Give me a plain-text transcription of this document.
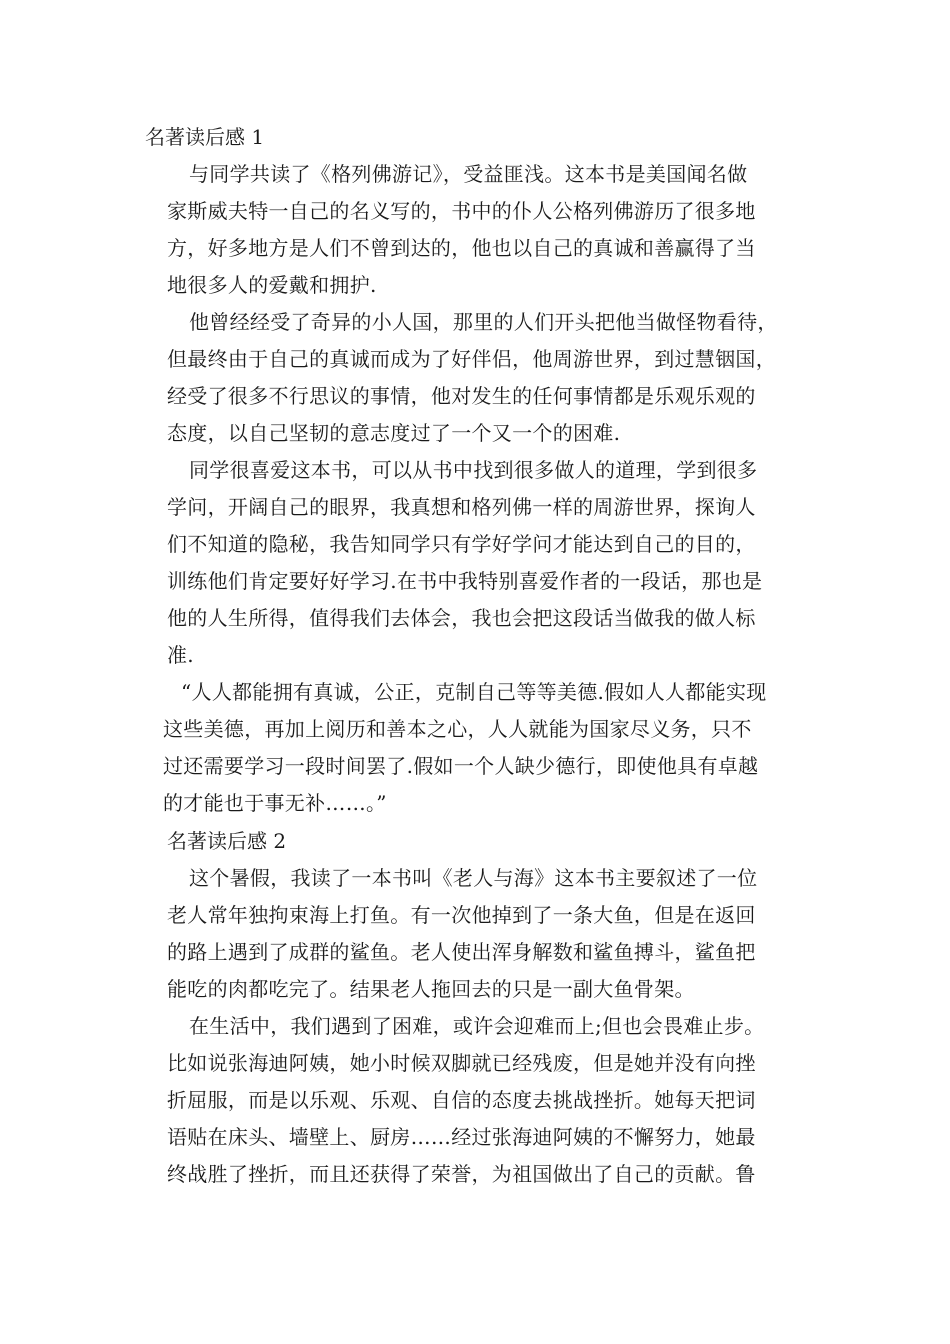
名著读后感 1
与同学共读了《格列佛游记》，受益匪浅。这本书是美国闻名做
家斯威夫特一自己的名义写的，书中的仆人公格列佛游历了很多地
方，好多地方是人们不曾到达的，他也以自己的真诚和善赢得了当
地很多人的爱戴和拥护.
他曾经经受了奇异的小人国，那里的人们开头把他当做怪物看待，
但最终由于自己的真诚而成为了好伴侣，他周游世界，到过慧铟国，
经受了很多不行思议的事情，他对发生的任何事情都是乐观乐观的
态度，以自己坚韧的意志度过了一个又一个的困难.
同学很喜爱这本书，可以从书中找到很多做人的道理，学到很多
学问，开阔自己的眼界，我真想和格列佛一样的周游世界，探询人
们不知道的隐秘，我告知同学只有学好学问才能达到自己的目的，
训练他们肯定要好好学习.在书中我特别喜爱作者的一段话，那也是
他的人生所得，值得我们去体会，我也会把这段话当做我的做人标
准.
“人人都能拥有真诚，公正，克制自己等等美德.假如人人都能实现
这些美德，再加上阅历和善本之心，人人就能为国家尽义务，只不
过还需要学习一段时间罢了.假如一个人缺少德行，即使他具有卓越
的才能也于事无补……。”
名著读后感 2
这个暑假，我读了一本书叫《老人与海》这本书主要叙述了一位
老人常年独拘束海上打鱼。有一次他掉到了一条大鱼，但是在返回
的路上遇到了成群的鲨鱼。老人使出浑身解数和鲨鱼搏斗，鲨鱼把
能吃的肉都吃完了。结果老人拖回去的只是一副大鱼骨架。
在生活中，我们遇到了困难，或许会迎难而上;但也会畏难止步。
比如说张海迪阿姨，她小时候双脚就已经残废，但是她并没有向挫
折屈服，而是以乐观、乐观、自信的态度去挑战挫折。她每天把词
语贴在床头、墙壁上、厨房……经过张海迪阿姨的不懈努力，她最
终战胜了挫折，而且还获得了荣誉，为祖国做出了自己的贡献。鲁
